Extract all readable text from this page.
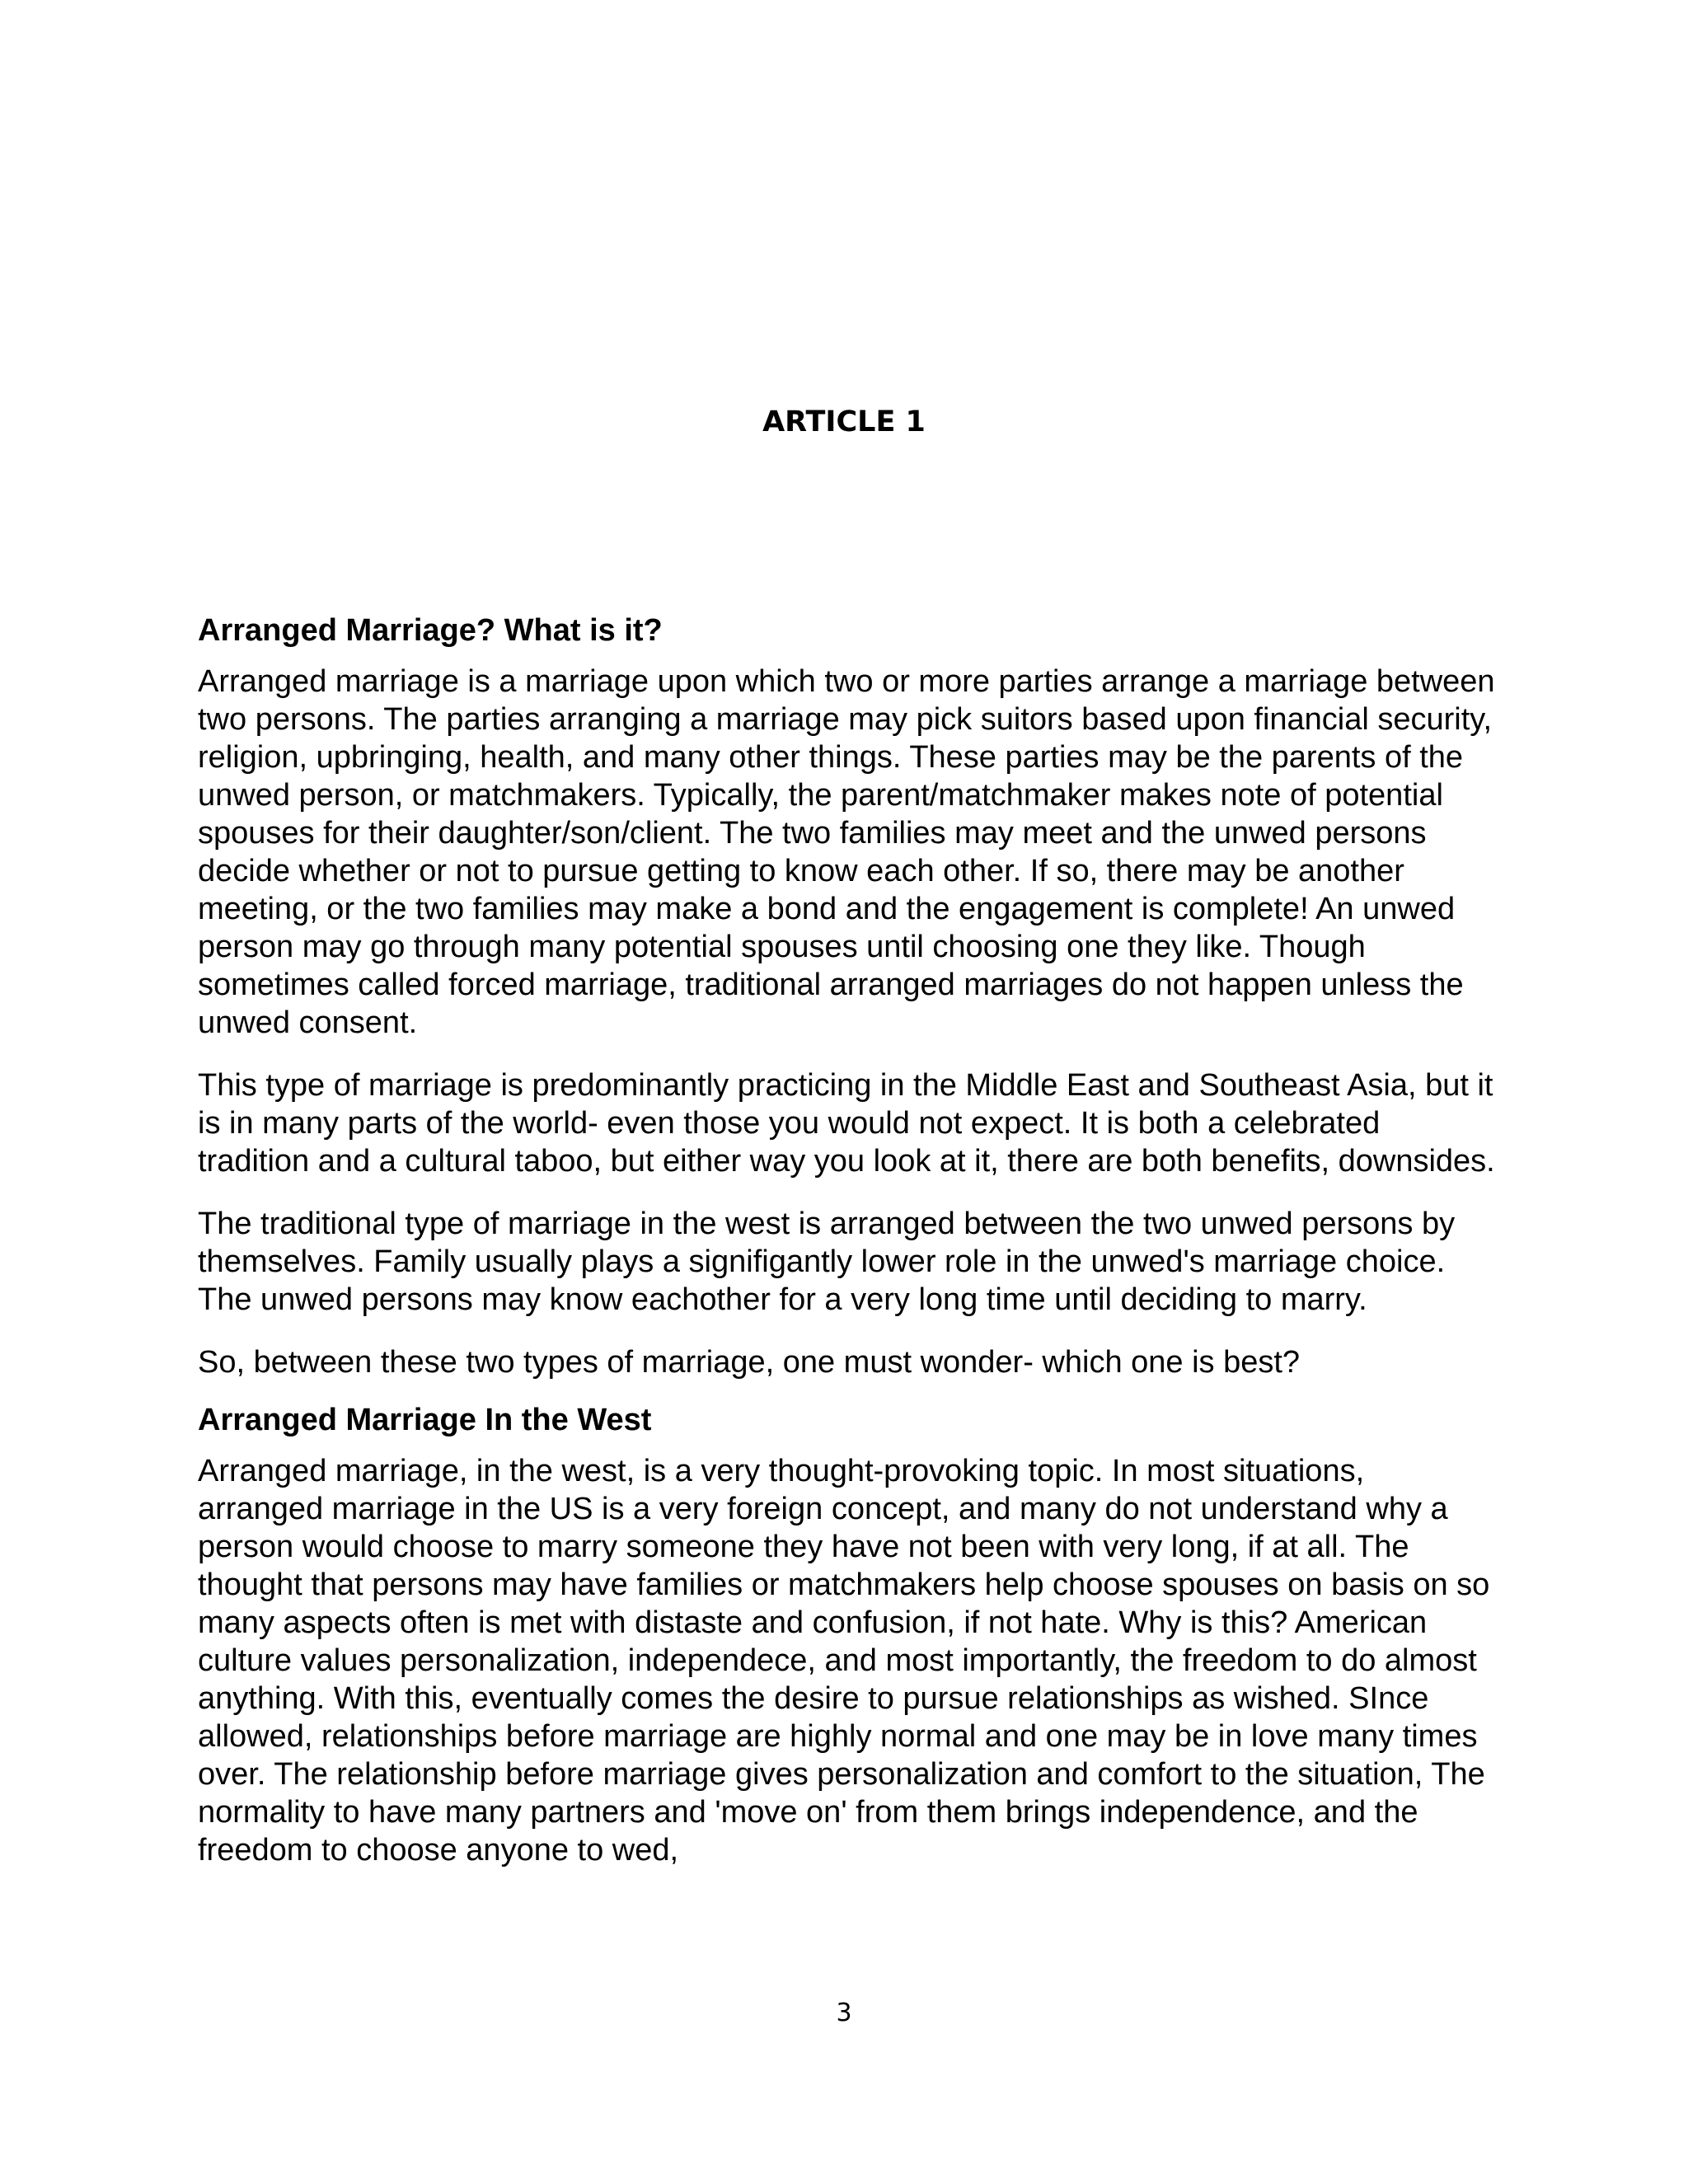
ARTICLE 1
Arranged Marriage? What is it?

Arranged marriage is a marriage upon which two or more parties arrange a marriage between two persons. The parties arranging a marriage may pick suitors based upon financial security, religion, upbringing, health, and many other things. These parties may be the parents of the unwed person, or matchmakers. Typically, the parent/matchmaker makes note of potential spouses for their daughter/son/client. The two families may meet and the unwed persons decide whether or not to pursue getting to know each other. If so, there may be another meeting, or the two families may make a bond and the engagement is complete! An unwed person may go through many potential spouses until choosing one they like. Though sometimes called forced marriage, traditional arranged marriages do not happen unless the unwed consent.

This type of marriage is predominantly practicing in the Middle East and Southeast Asia, but it is in many parts of the world- even those you would not expect. It is both a celebrated tradition and a cultural taboo, but either way you look at it, there are both benefits, downsides.

The traditional type of marriage in the west is arranged between the two unwed persons by themselves. Family usually plays a signifigantly lower role in the unwed's marriage choice. The unwed persons may know eachother for a very long time until deciding to marry.

So, between these two types of marriage, one must wonder- which one is best?

Arranged Marriage In the West

Arranged marriage, in the west, is a very thought-provoking topic. In most situations, arranged marriage in the US is a very foreign concept, and many do not understand why a person would choose to marry someone they have not been with very long, if at all. The thought that persons may have families or matchmakers help choose spouses on basis on so many aspects often is met with distaste and confusion, if not hate. Why is this? American culture values personalization, independece, and most importantly, the freedom to do almost anything. With this, eventually comes the desire to pursue relationships as wished. SInce allowed, relationships before marriage are highly normal and one may be in love many times over. The relationship before marriage gives personalization and comfort to the situation, The normality to have many partners and 'move on' from them brings independence, and the freedom to choose anyone to wed,

3
